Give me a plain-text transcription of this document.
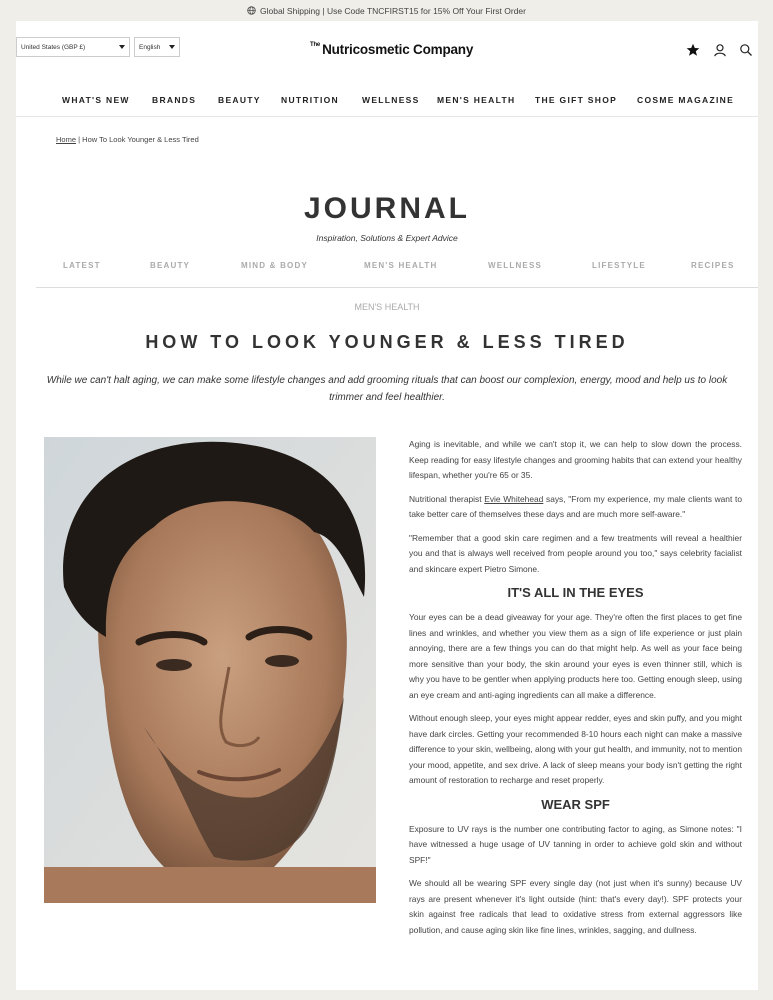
Global Shipping | Use Code TNCFIRST15 for 15% Off Your First Order
United States (GBP £)	English	$^{The}$ Nutricosmetic Company
WHAT'S NEW	BRANDS	BEAUTY NUTRITION	WELLNESS MEN'S HEALTH THE GIFT SHOP COSME MAGAZINE
Home | How To Look Younger & Less Tired
JOURNAL
Inspiration, Solutions & Expert Advice
LATEST	BEAUTY	MIND & BODY	MEN'S HEALTH	WELLNESS	LIFESTYLE	RECIPES
MEN'S HEALTH
HOW TO LOOK YOUNGER & LESS TIRED
While we can't halt aging, we can make some lifestyle changes and add grooming rituals that can boost our complexion, energy, mood and help us to look trimmer and feel healthier.

Aging is inevitable, and while we can't stop it, we can help to slow down the process. Keep reading for easy lifestyle changes and grooming habits that can extend your healthy lifespan, whether you're 65 or 35.

Nutritional therapist Evie Whitehead says, "From my experience, my male clients want to take better care of themselves these days and are much more self-aware."

"Remember that a good skin care regimen and a few treatments will reveal a healthier you and that is always well received from people around you too," says celebrity facialist and skincare expert Pietro Simone.

IT'S ALL IN THE EYES

Your eyes can be a dead giveaway for your age. They're often the first places to get fine lines and wrinkles, and whether you view them as a sign of life experience or just plain annoying, there are a few things you can do that might help. As well as your face being more sensitive than your body, the skin around your eyes is even thinner still, which is why you have to be gentler when applying products here too. Getting enough sleep, using an eye cream and anti-aging ingredients can all make a difference.

Without enough sleep, your eyes might appear redder, eyes and skin puffy, and you might have dark circles. Getting your recommended 8-10 hours each night can make a massive difference to your skin, wellbeing, along with your gut health, and immunity, not to mention your mood, appetite, and sex drive. A lack of sleep means your body isn't getting the right amount of restoration to recharge and reset properly.

WEAR SPF

Exposure to UV rays is the number one contributing factor to aging, as Simone notes: "I have witnessed a huge usage of UV tanning in order to achieve gold skin and without SPF!"

We should all be wearing SPF every single day (not just when it's sunny) because UV rays are present whenever it's light outside (hint: that's every day!). SPF protects your skin against free radicals that lead to oxidative stress from external aggressors like pollution, and cause aging skin like fine lines, wrinkles, sagging, and dullness.
